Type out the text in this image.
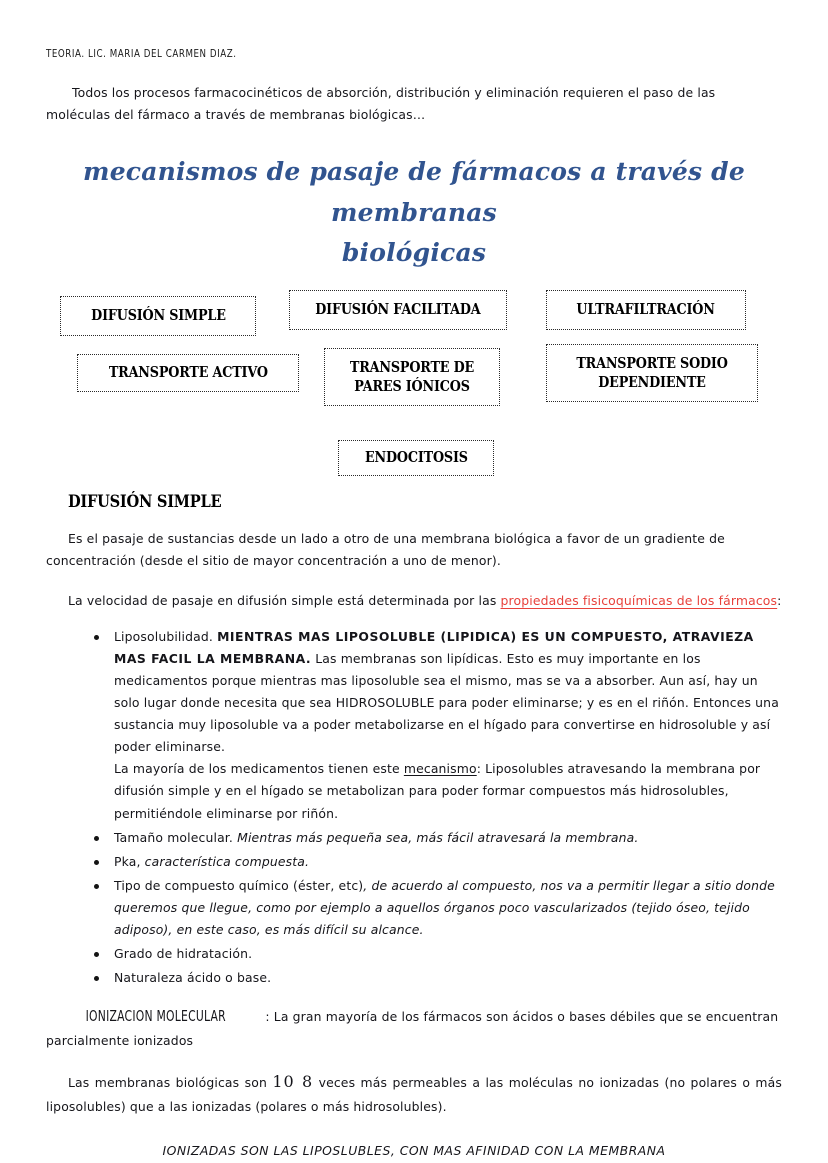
TEORIA. LIC. MARIA DEL CARMEN DIAZ.

Todos los procesos farmacocinéticos de absorción, distribución y eliminación requieren el paso de las moléculas del fármaco a través de membranas biológicas…

mecanismos de pasaje de fármacos a través de membranas
biológicas
DIFUSIÓN SIMPLE	DIFUSIÓN FACILITADA	ULTRAFILTRACIÓN
TRANSPORTE ACTIVO	TRANSPORTE DE PARES IÓNICOS
TRANSPORTE SODIO DEPENDIENTE
ENDOCITOSIS
DIFUSIÓN SIMPLE

Es el pasaje de sustancias desde un lado a otro de una membrana biológica a favor de un gradiente de concentración (desde el sitio de mayor concentración a uno de menor).

La velocidad de pasaje en difusión simple está determinada por las propiedades fisicoquímicas de los fármacos:

Liposolubilidad. MIENTRAS MAS LIPOSOLUBLE (LIPIDICA) ES UN COMPUESTO, ATRAVIEZA MAS FACIL LA MEMBRANA. Las membranas son lipídicas. Esto es muy importante en los medicamentos porque mientras mas liposoluble sea el mismo, mas se va a absorber. Aun así, hay un solo lugar donde necesita que sea HIDROSOLUBLE para poder eliminarse; y es en el riñón. Entonces una sustancia muy liposoluble va a poder metabolizarse en el hígado para convertirse en hidrosoluble y así poder eliminarse.
La mayoría de los medicamentos tienen este mecanismo: Liposolubles atravesando la membrana por difusión simple y en el hígado se metabolizan para poder formar compuestos más hidrosolubles, permitiéndole eliminarse por riñón.
Tamaño molecular. Mientras más pequeña sea, más fácil atravesará la membrana.
Pka, característica compuesta.
Tipo de compuesto químico (éster, etc), de acuerdo al compuesto, nos va a permitir llegar a sitio donde queremos que llegue, como por ejemplo a aquellos órganos poco vascularizados (tejido óseo, tejido adiposo), en este caso, es más difícil su alcance.
Grado de hidratación.
Naturaleza ácido o base.

IONIZACION MOLECULAR	: La gran mayoría de los fármacos son ácidos o bases débiles que se encuentran parcialmente ionizados

Las membranas biológicas son 10 8 veces más permeables a las moléculas no ionizadas (no polares o más liposolubles) que a las ionizadas (polares o más hidrosolubles).

IONIZADAS SON LAS LIPOSLUBLES, CON MAS AFINIDAD CON LA MEMBRANA
